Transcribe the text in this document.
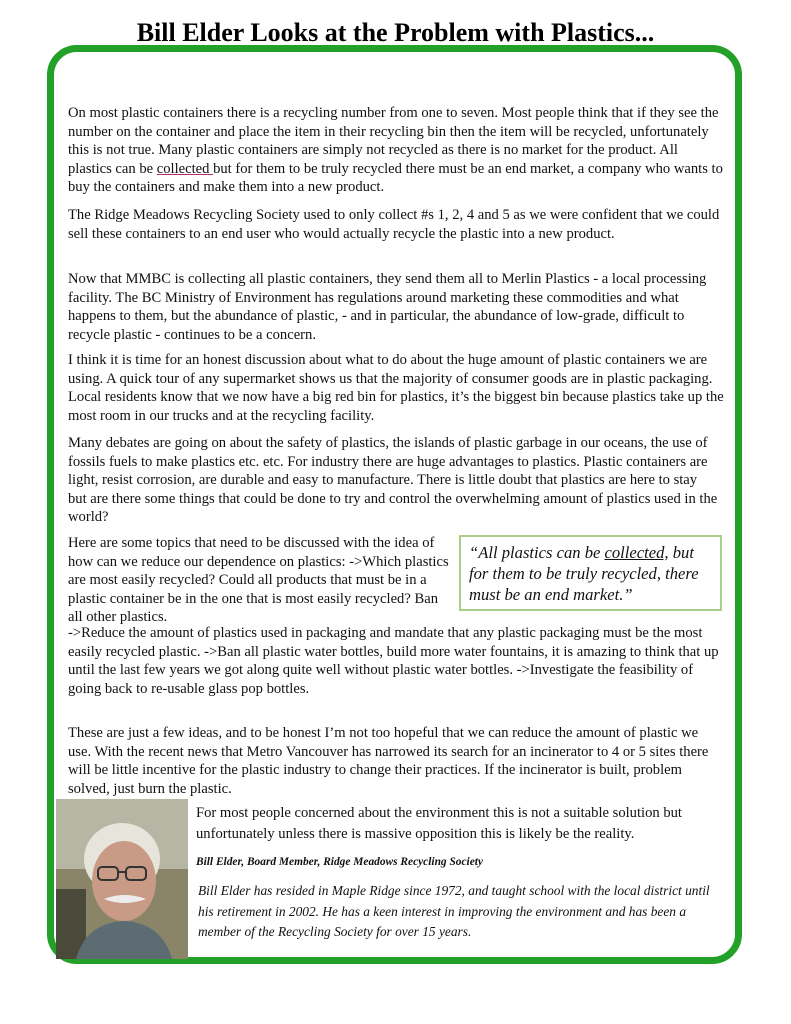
Bill Elder Looks at the Problem with Plastics...

On most plastic containers there is a recycling number from one to seven. Most people think that if they see the number on the container and place the item in their recycling bin then the item will be recycled, unfortunately this is not true. Many plastic containers are simply not recycled as there is no market for the product. All plastics can be collected but for them to be truly recycled there must be an end market, a company who wants to buy the containers and make them into a new product.

The Ridge Meadows Recycling Society used to only collect #s 1, 2, 4 and 5 as we were confident that we could sell these containers to an end user who would actually recycle the plastic into a new product.

Now that MMBC is collecting all plastic containers, they send them all to Merlin Plastics - a local processing facility. The BC Ministry of Environment has regulations around marketing these commodities and what happens to them, but the abundance of plastic, - and in particular, the abundance of low-grade, difficult to recycle plastic - continues to be a concern.

I think it is time for an honest discussion about what to do about the huge amount of plastic containers we are using. A quick tour of any supermarket shows us that the majority of consumer goods are in plastic packaging. Local residents know that we now have a big red bin for plastics, it’s the biggest bin because plastics take up the most room in our trucks and at the recycling facility.

Many debates are going on about the safety of plastics, the islands of plastic garbage in our oceans, the use of fossils fuels to make plastics etc. etc. For industry there are huge advantages to plastics. Plastic containers are light, resist corrosion, are durable and easy to manufacture. There is little doubt that plastics are here to stay but are there some things that could be done to try and control the overwhelming amount of plastics used in the world?

Here are some topics that need to be discussed with the idea of how can we reduce our dependence on plastics: ->Which plastics are most easily recycled? Could all products that must be in a plastic container be in the one that is most easily recycled? Ban all other plastics.

“All plastics can be collected, but for them to be truly recycled, there must be an end market.”

->Reduce the amount of plastics used in packaging and mandate that any plastic packaging must be the most easily recycled plastic. ->Ban all plastic water bottles, build more water fountains, it is amazing to think that up until the last few years we got along quite well without plastic water bottles. ->Investigate the feasibility of going back to re-usable glass pop bottles.

These are just a few ideas, and to be honest I’m not too hopeful that we can reduce the amount of plastic we use. With the recent news that Metro Vancouver has narrowed its search for an incinerator to 4 or 5 sites there will be little incentive for the plastic industry to change their practices. If the incinerator is built, problem solved, just burn the plastic.

For most people concerned about the environment this is not a suitable solution but unfortunately unless there is massive opposition this is likely be the reality.

Bill Elder, Board Member, Ridge Meadows Recycling Society

Bill Elder has resided in Maple Ridge since 1972, and taught school with the local district until his retirement in 2002. He has a keen interest in improving the environment and has been a member of the Recycling Society for over 15 years.
